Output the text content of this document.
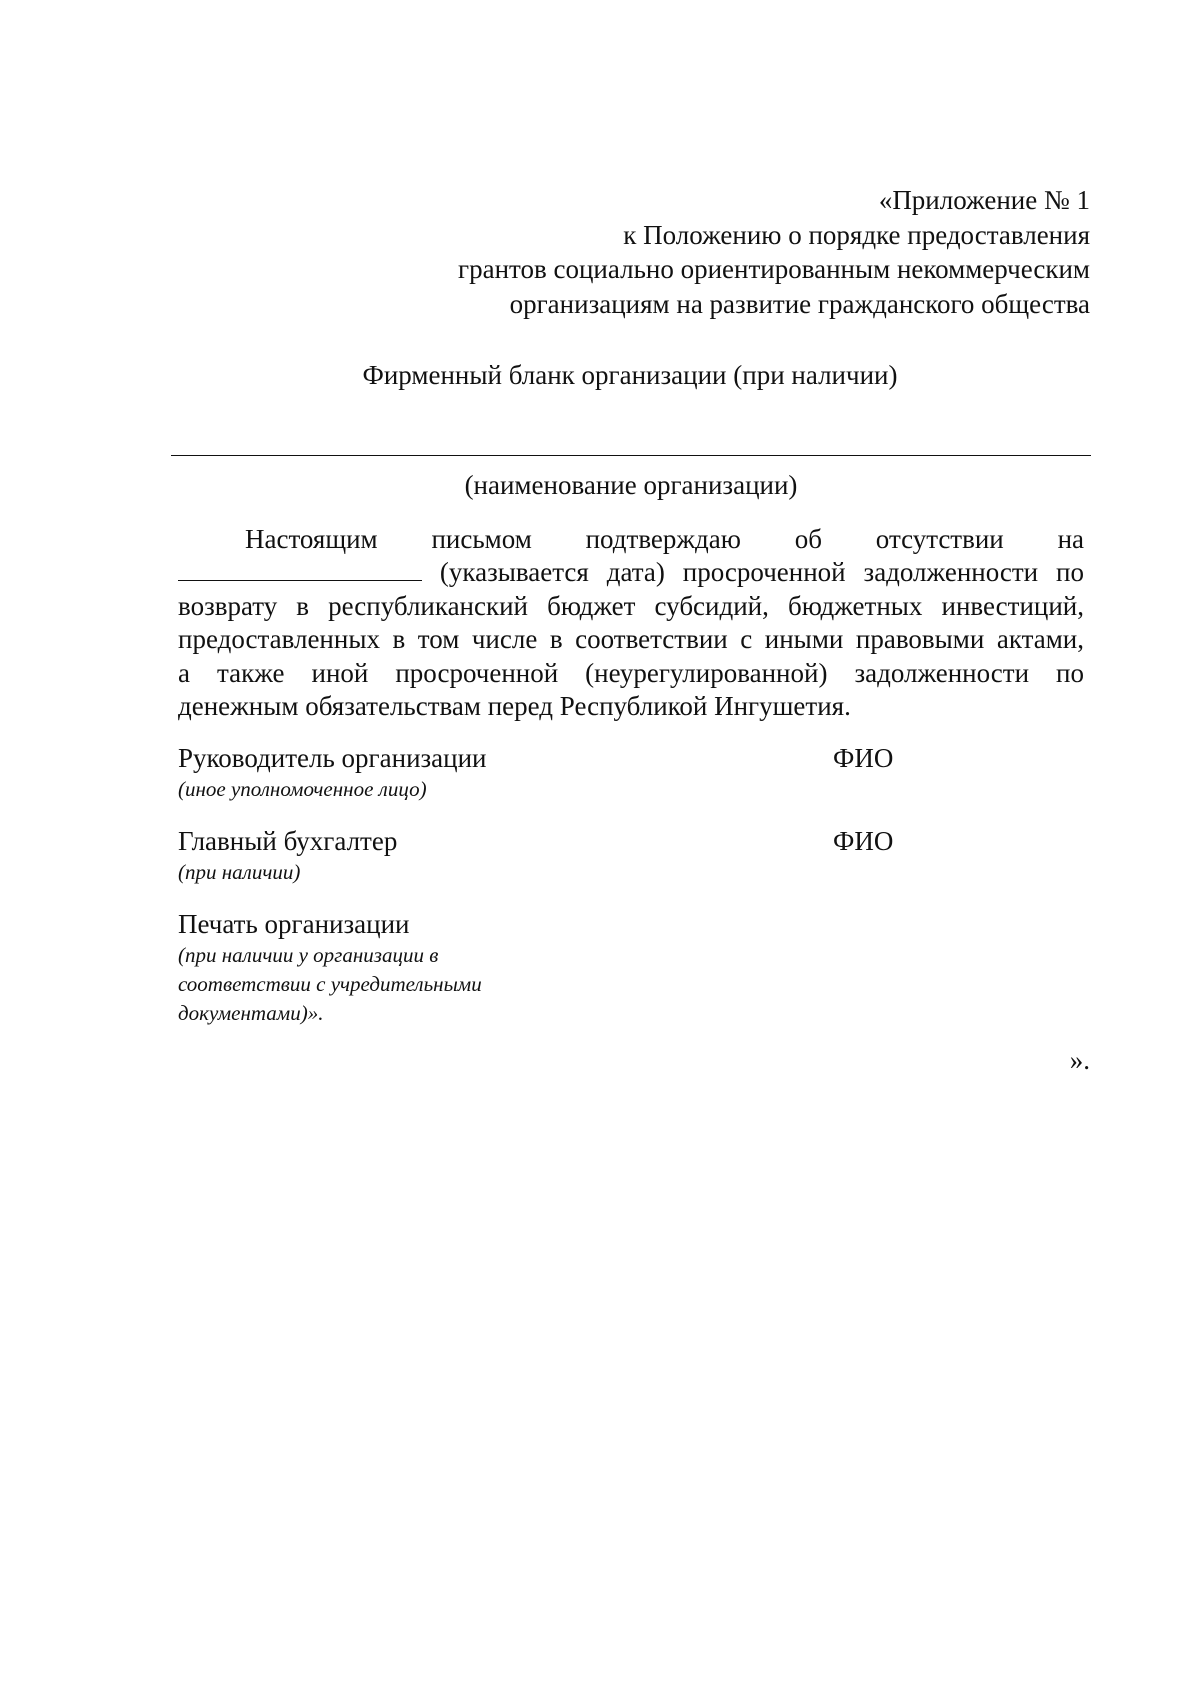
«Приложение № 1
к Положению о порядке предоставления
грантов социально ориентированным некоммерческим
организациям на развитие гражданского общества
Фирменный бланк организации (при наличии)
(наименование организации)
Настоящим письмом подтверждаю об отсутствии на
(указывается дата) просроченной задолженности по
возврату в республиканский бюджет субсидий, бюджетных инвестиций,
предоставленных в том числе в соответствии с иными правовыми актами,
а также иной просроченной (неурегулированной) задолженности по
денежным обязательствам перед Республикой Ингушетия.
Руководитель организации
(иное уполномоченное лицо)
ФИО
Главный бухгалтер
(при наличии)
ФИО
Печать организации
(при наличии у организации в
соответствии с учредительными
документами)».
».
